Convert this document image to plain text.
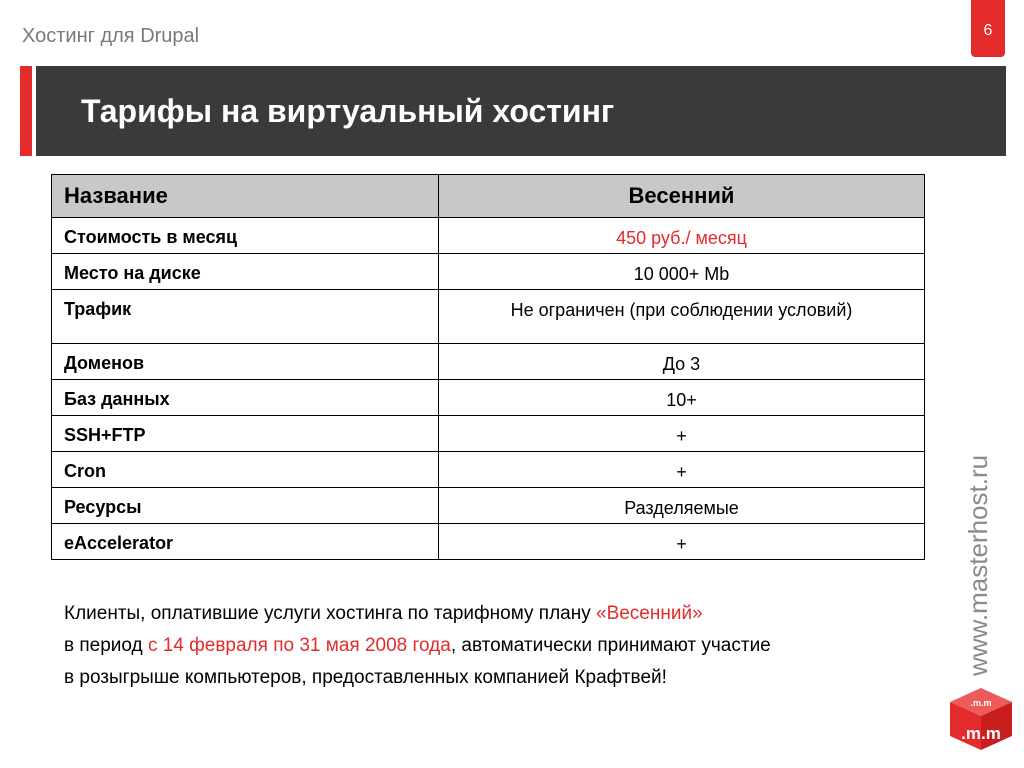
Хостинг для Drupal	6
Тарифы на виртуальный хостинг
Название	Весенний
Стоимость в месяц	450 руб./ месяц
Место на диске	10 000+ Mb
Трафик	Не ограничен (при соблюдении условий)
Доменов	До 3
Баз данных	10+
SSH+FTP	+
Cron	+
Ресурсы	Разделяемые
eAccelerator	+
Клиенты, оплатившие услуги хостинга по тарифному плану «Весенний»
в период с 14 февраля по 31 мая 2008 года, автоматически принимают участие
в розыгрыше компьютеров, предоставленных компанией Крафтвей!
www.masterhost.ru
.m.m
.m.m
